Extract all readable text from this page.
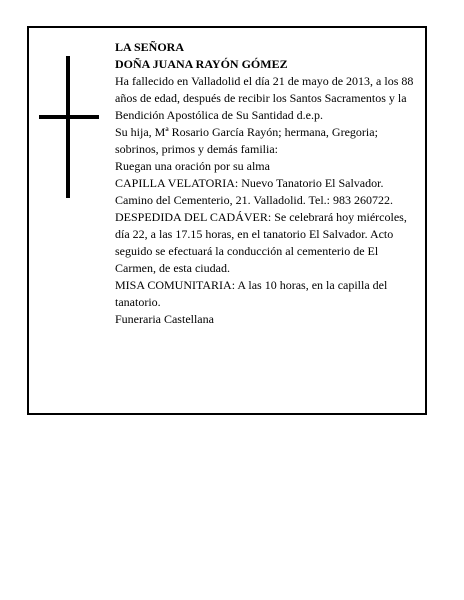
LA SEÑORA

DOÑA JUANA RAYÓN GÓMEZ

Ha fallecido en Valladolid el día 21 de mayo de 2013, a los 88 años de edad, después de recibir los Santos Sacramentos y la Bendición Apostólica de Su Santidad d.e.p.

Su hija, Mª Rosario García Rayón; hermana, Gregoria; sobrinos, primos y demás familia:

Ruegan una oración por su alma

CAPILLA VELATORIA: Nuevo Tanatorio El Salvador. Camino del Cementerio, 21. Valladolid. Tel.: 983 260722.

DESPEDIDA DEL CADÁVER: Se celebrará hoy miércoles, día 22, a las 17.15 horas, en el tanatorio El Salvador. Acto seguido se efectuará la conducción al cementerio de El Carmen, de esta ciudad.

MISA COMUNITARIA: A las 10 horas, en la capilla del tanatorio.

Funeraria Castellana
